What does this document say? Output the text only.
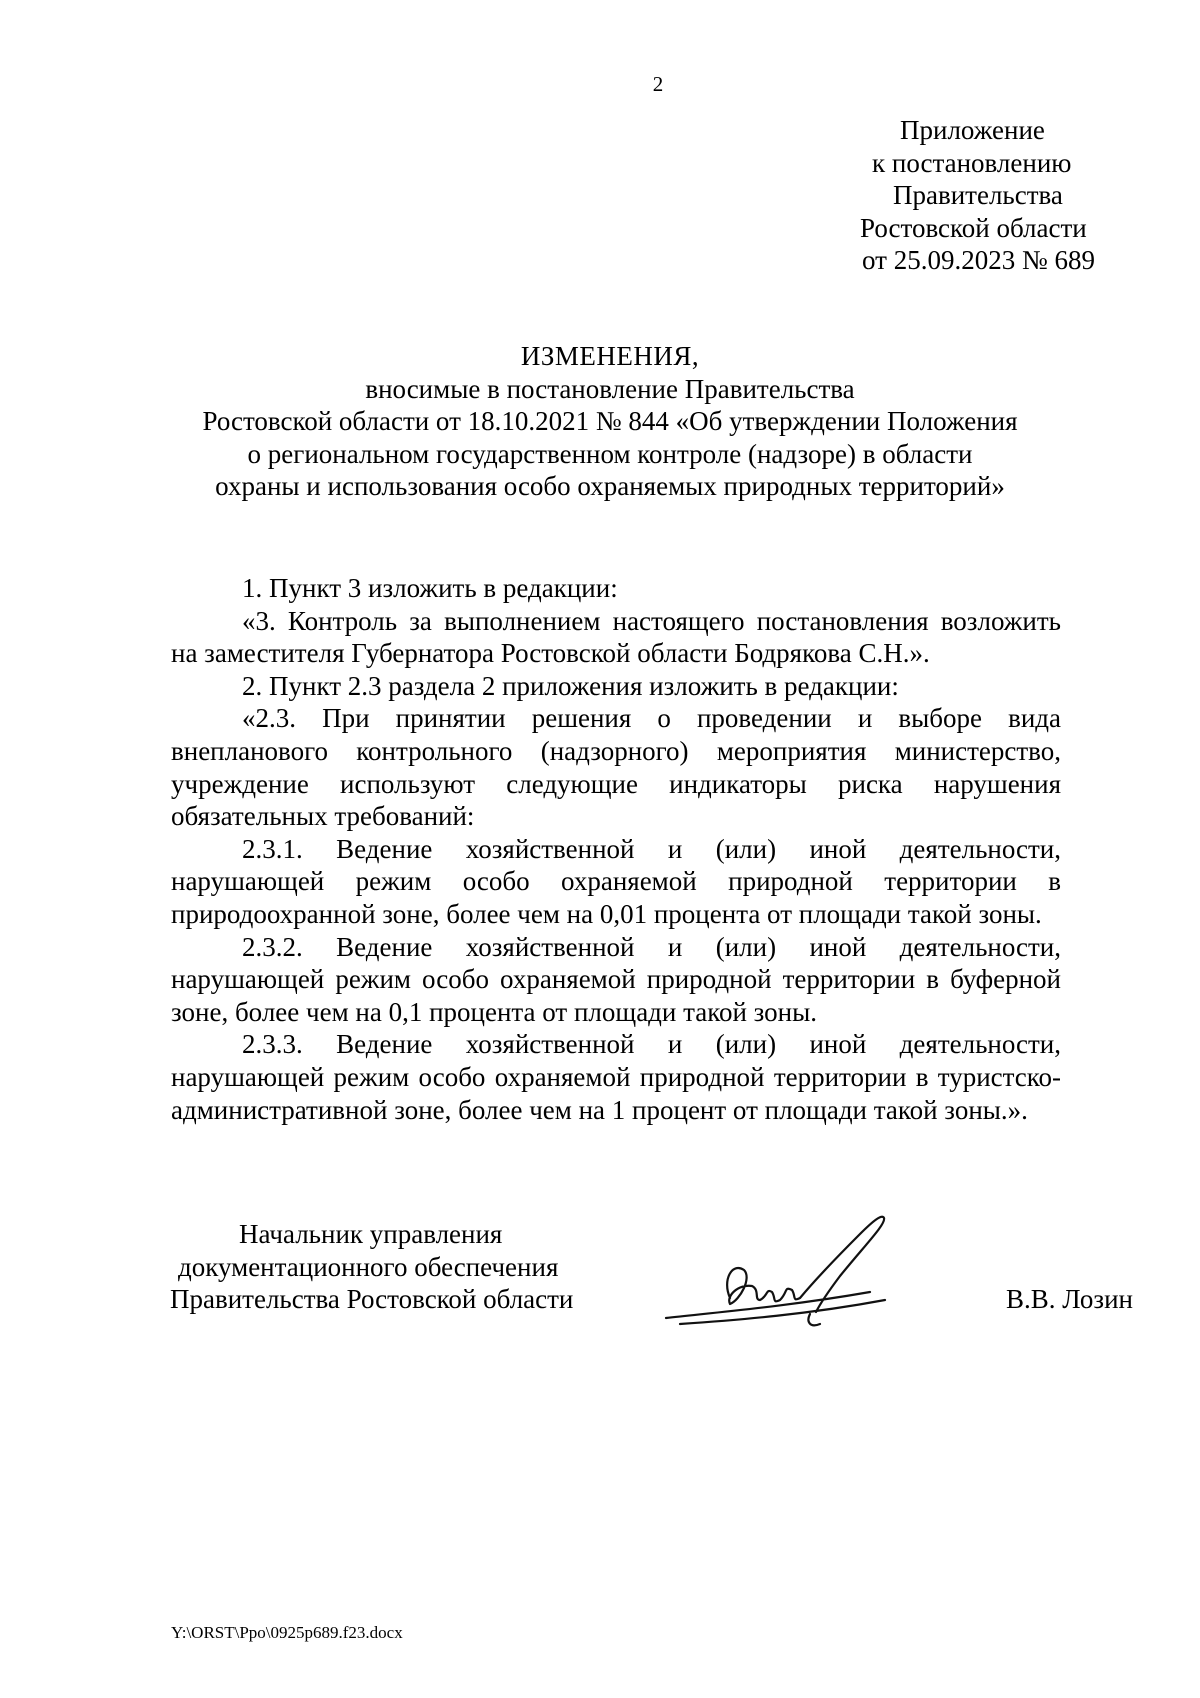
2
Приложение
к постановлению
Правительства
Ростовской области
от 25.09.2023 № 689
ИЗМЕНЕНИЯ,
вносимые в постановление Правительства
Ростовской области от 18.10.2021 № 844 «Об утверждении Положения
о региональном государственном контроле (надзоре) в области
охраны и использования особо охраняемых природных территорий»

1. Пункт 3 изложить в редакции:

«3. Контроль за выполнением настоящего постановления возложить на заместителя Губернатора Ростовской области Бодрякова С.Н.».

2. Пункт 2.3 раздела 2 приложения изложить в редакции:

«2.3. При принятии решения о проведении и выборе вида внепланового контрольного (надзорного) мероприятия министерство, учреждение используют следующие индикаторы риска нарушения обязательных требований:

2.3.1. Ведение хозяйственной и (или) иной деятельности, нарушающей режим особо охраняемой природной территории в природоохранной зоне, более чем на 0,01 процента от площади такой зоны.

2.3.2. Ведение хозяйственной и (или) иной деятельности, нарушающей режим особо охраняемой природной территории в буферной зоне, более чем на 0,1 процента от площади такой зоны.

2.3.3. Ведение хозяйственной и (или) иной деятельности, нарушающей режим особо охраняемой природной территории в туристско-административной зоне, более чем на 1 процент от площади такой зоны.».

Начальник управления
документационного обеспечения
Правительства Ростовской области	В.В. Лозин
Y:\ORST\Ppo\0925p689.f23.docx
